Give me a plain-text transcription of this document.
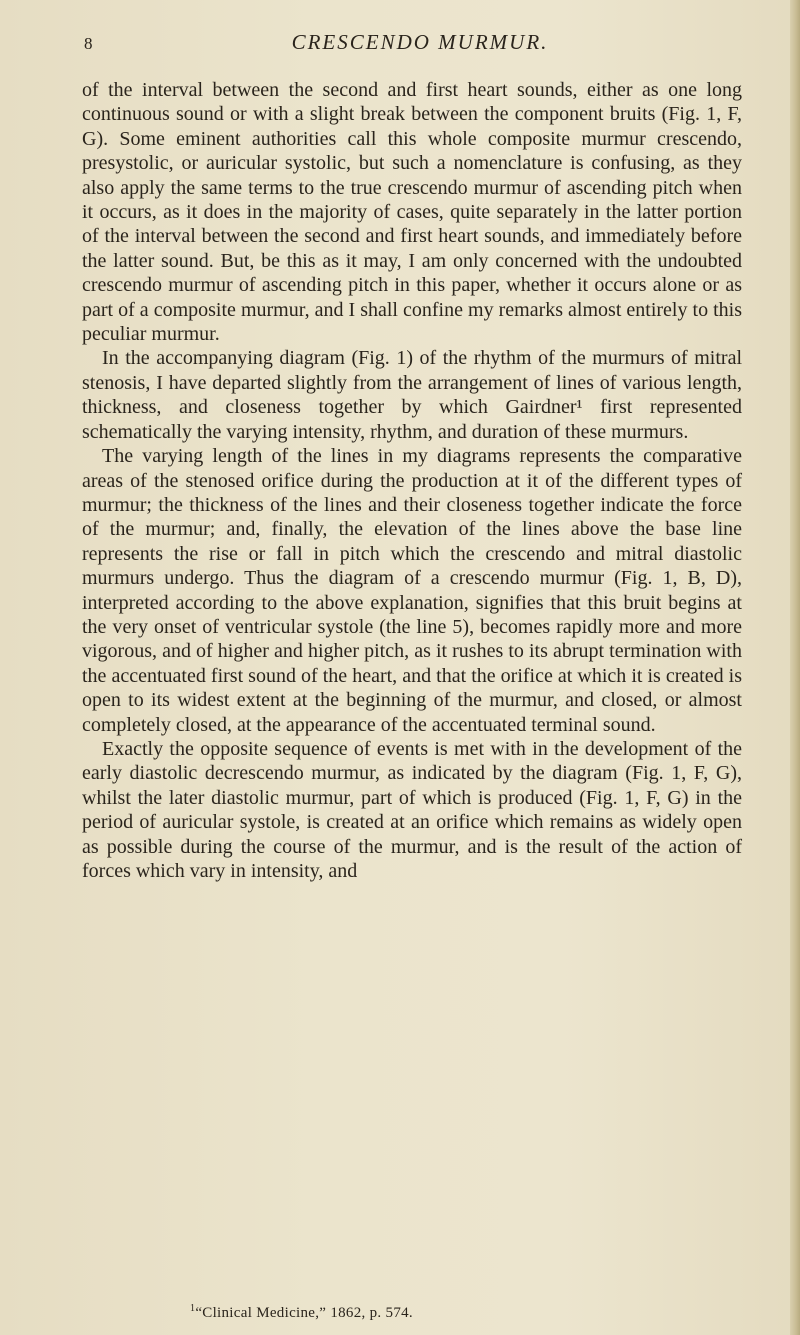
8	CRESCENDO MURMUR.

of the interval between the second and first heart sounds, either as one long continuous sound or with a slight break between the component bruits (Fig. 1, F, G). Some eminent authorities call this whole composite murmur crescendo, presystolic, or auricular systolic, but such a nomenclature is confusing, as they also apply the same terms to the true crescendo murmur of ascending pitch when it occurs, as it does in the majority of cases, quite separately in the latter portion of the interval between the second and first heart sounds, and immediately before the latter sound. But, be this as it may, I am only concerned with the undoubted crescendo murmur of ascending pitch in this paper, whether it occurs alone or as part of a composite murmur, and I shall confine my remarks almost entirely to this peculiar murmur.

In the accompanying diagram (Fig. 1) of the rhythm of the murmurs of mitral stenosis, I have departed slightly from the arrangement of lines of various length, thickness, and closeness together by which Gairdner¹ first represented schematically the varying intensity, rhythm, and duration of these murmurs.

The varying length of the lines in my diagrams represents the comparative areas of the stenosed orifice during the production at it of the different types of murmur; the thickness of the lines and their closeness together indicate the force of the murmur; and, finally, the elevation of the lines above the base line represents the rise or fall in pitch which the crescendo and mitral diastolic murmurs undergo. Thus the diagram of a crescendo murmur (Fig. 1, B, D), interpreted according to the above explanation, signifies that this bruit begins at the very onset of ventricular systole (the line 5), becomes rapidly more and more vigorous, and of higher and higher pitch, as it rushes to its abrupt termination with the accentuated first sound of the heart, and that the orifice at which it is created is open to its widest extent at the beginning of the murmur, and closed, or almost completely closed, at the appearance of the accentuated terminal sound.

Exactly the opposite sequence of events is met with in the development of the early diastolic decrescendo murmur, as indicated by the diagram (Fig. 1, F, G), whilst the later diastolic murmur, part of which is produced (Fig. 1, F, G) in the period of auricular systole, is created at an orifice which remains as widely open as possible during the course of the murmur, and is the result of the action of forces which vary in intensity, and

$^1$“Clinical Medicine,” 1862, p. 574.
